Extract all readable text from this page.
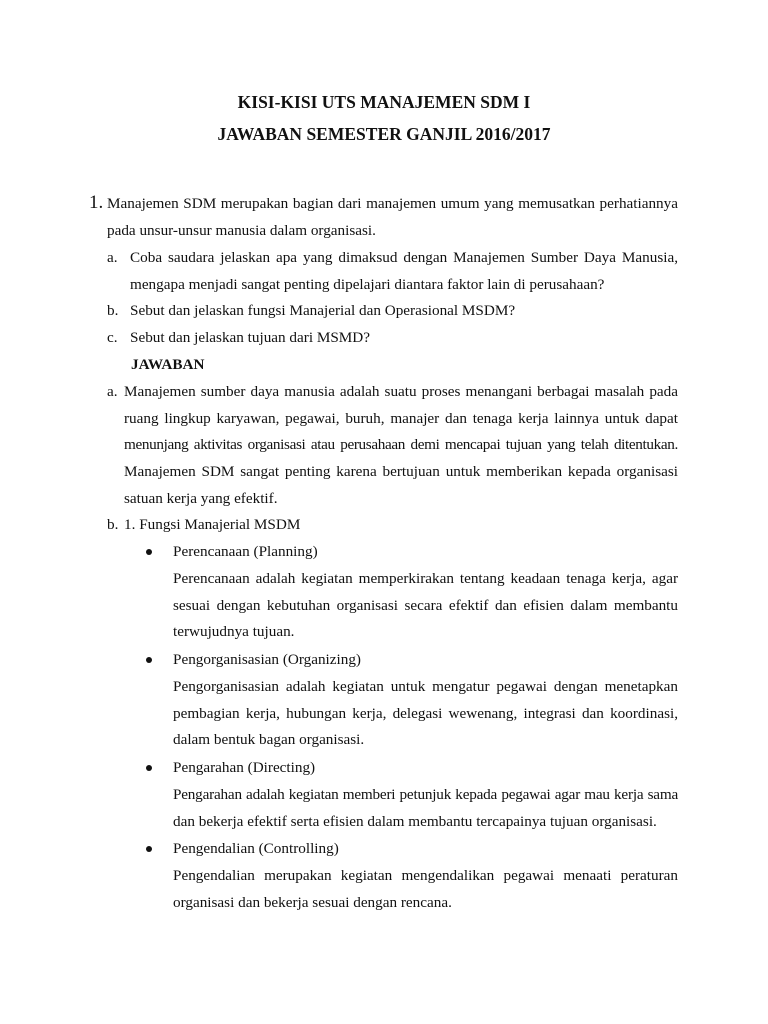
KISI-KISI UTS MANAJEMEN SDM I
JAWABAN SEMESTER GANJIL 2016/2017
1. Manajemen SDM merupakan bagian dari manajemen umum yang memusatkan perhatiannya
pada unsur-unsur manusia dalam organisasi.
a. Coba saudara jelaskan apa yang dimaksud dengan Manajemen Sumber Daya Manusia,
mengapa menjadi sangat penting dipelajari diantara faktor lain di perusahaan?
b. Sebut dan jelaskan fungsi Manajerial dan Operasional MSDM?
c. Sebut dan jelaskan tujuan dari MSMD?
JAWABAN
a. Manajemen sumber daya manusia adalah suatu proses menangani berbagai masalah pada
ruang lingkup karyawan, pegawai, buruh, manajer dan tenaga kerja lainnya untuk dapat
menunjang aktivitas organisasi atau perusahaan demi mencapai tujuan yang telah ditentukan.
Manajemen SDM sangat penting karena bertujuan untuk memberikan kepada organisasi
satuan kerja yang efektif.
b. 1. Fungsi Manajerial MSDM
Perencanaan (Planning)
Perencanaan adalah kegiatan memperkirakan tentang keadaan tenaga kerja, agar
sesuai dengan kebutuhan organisasi secara efektif dan efisien dalam membantu
terwujudnya tujuan.
Pengorganisasian (Organizing)
Pengorganisasian adalah kegiatan untuk mengatur pegawai dengan menetapkan
pembagian kerja, hubungan kerja, delegasi wewenang, integrasi dan koordinasi,
dalam bentuk bagan organisasi.
Pengarahan (Directing)
Pengarahan adalah kegiatan memberi petunjuk kepada pegawai agar mau kerja sama
dan bekerja efektif serta efisien dalam membantu tercapainya tujuan organisasi.
Pengendalian (Controlling)
Pengendalian merupakan kegiatan mengendalikan pegawai menaati peraturan
organisasi dan bekerja sesuai dengan rencana.
